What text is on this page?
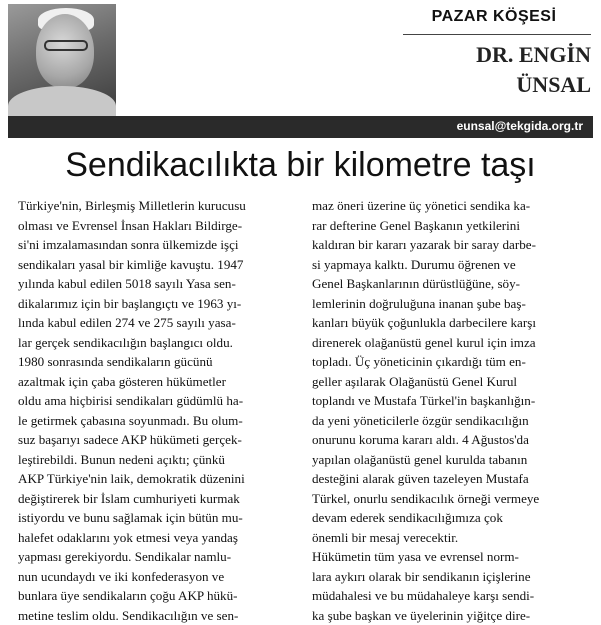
PAZAR KÖŞESİ
DR. ENGİN
ÜNSAL
eunsal@tekgida.org.tr
Sendikacılıkta bir kilometre taşı
Türkiye'nin, Birleşmiş Milletlerin kurucusu
olması ve Evrensel İnsan Hakları Bildirge-
si'ni imzalamasından sonra ülkemizde işçi
sendikaları yasal bir kimliğe kavuştu. 1947
yılında kabul edilen 5018 sayılı Yasa sen-
dikalarımız için bir başlangıçtı ve 1963 yı-
lında kabul edilen 274 ve 275 sayılı yasa-
lar gerçek sendikacılığın başlangıcı oldu.
1980 sonrasında sendikaların gücünü
azaltmak için çaba gösteren hükümetler
oldu ama hiçbirisi sendikaları güdümlü ha-
le getirmek çabasına soyunmadı. Bu olum-
suz başarıyı sadece AKP hükümeti gerçek-
leştirebildi. Bunun nedeni açıktı; çünkü
AKP Türkiye'nin laik, demokratik düzenini
değiştirerek bir İslam cumhuriyeti kurmak
istiyordu ve bunu sağlamak için bütün mu-
halefet odaklarını yok etmesi veya yandaş
yapması gerekiyordu. Sendikalar namlu-
nun ucundaydı ve iki konfederasyon ve
bunlara üye sendikaların çoğu AKP hükü-
metine teslim oldu. Sendikacılığın ve sen-
maz öneri üzerine üç yönetici sendika ka-
rar defterine Genel Başkanın yetkilerini
kaldıran bir kararı yazarak bir saray darbe-
si yapmaya kalktı. Durumu öğrenen ve
Genel Başkanlarının dürüstlüğüne, söy-
lemlerinin doğruluğuna inanan şube baş-
kanları büyük çoğunlukla darbecilere karşı
direnerek olağanüstü genel kurul için imza
topladı. Üç yöneticinin çıkardığı tüm en-
geller aşılarak Olağanüstü Genel Kurul
toplandı ve Mustafa Türkel'in başkanlığın-
da yeni yöneticilerle özgür sendikacılığın
onurunu koruma kararı aldı. 4 Ağustos'da
yapılan olağanüstü genel kurulda tabanın
desteğini alarak güven tazeleyen Mustafa
Türkel, onurlu sendikacılık örneği vermeye
devam ederek sendikacılığımıza çok
önemli bir mesaj verecektir.
Hükümetin tüm yasa ve evrensel norm-
lara aykırı olarak bir sendikanın içişlerine
müdahalesi ve bu müdahaleye karşı sendi-
ka şube başkan ve üyelerinin yiğitçe dire-
